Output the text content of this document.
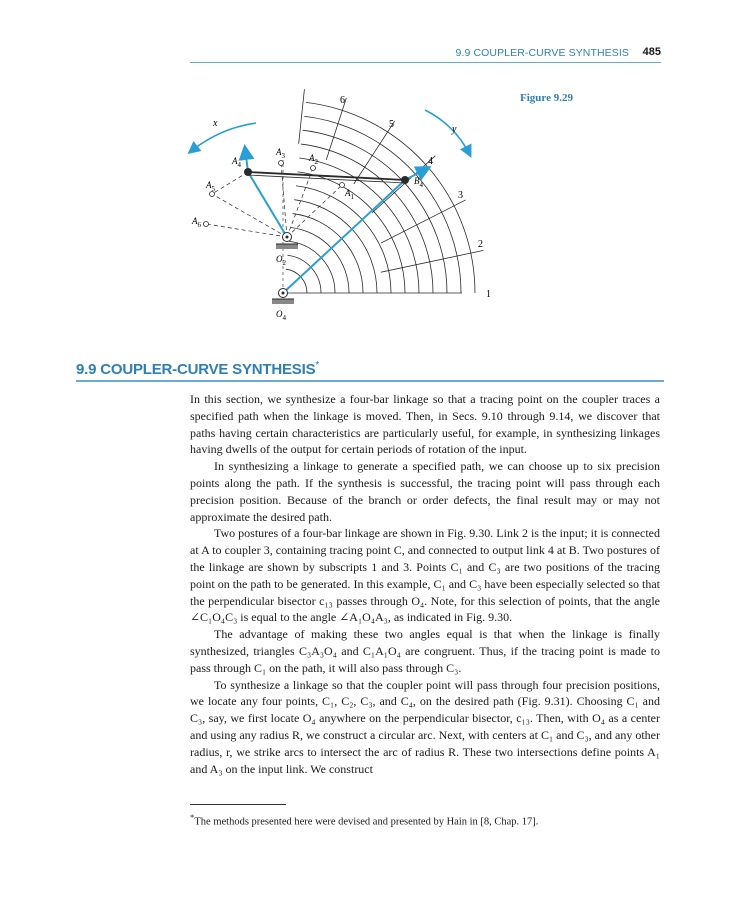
9.9 COUPLER-CURVE SYNTHESIS 485
Figure 9.29
1
2
3
4
5
6
x
y
$A_1$
$A_2$
$A_3$
$A_4$
$A_5$
$A_6$
$B_4$
$O_2$
$O_4$
9.9 COUPLER-CURVE SYNTHESIS*

In this section, we synthesize a four-bar linkage so that a tracing point on the coupler traces a specified path when the linkage is moved. Then, in Secs. 9.10 through 9.14, we discover that paths having certain characteristics are particularly useful, for example, in synthesizing linkages having dwells of the output for certain periods of rotation of the input.

In synthesizing a linkage to generate a specified path, we can choose up to six precision points along the path. If the synthesis is successful, the tracing point will pass through each precision position. Because of the branch or order defects, the final result may or may not approximate the desired path.

Two postures of a four-bar linkage are shown in Fig. 9.30. Link 2 is the input; it is connected at A to coupler 3, containing tracing point C, and connected to output link 4 at B. Two postures of the linkage are shown by subscripts 1 and 3. Points C₁ and C₃ are two positions of the tracing point on the path to be generated. In this example, C₁ and C₃ have been especially selected so that the perpendicular bisector c₁₃ passes through O₄. Note, for this selection of points, that the angle ∠C₁O₄C₃ is equal to the angle ∠A₁O₄A₃, as indicated in Fig. 9.30.

The advantage of making these two angles equal is that when the linkage is finally synthesized, triangles C₃A₃O₄ and C₁A₁O₄ are congruent. Thus, if the tracing point is made to pass through C₁ on the path, it will also pass through C₃.

To synthesize a linkage so that the coupler point will pass through four precision positions, we locate any four points, C₁, C₂, C₃, and C₄, on the desired path (Fig. 9.31). Choosing C₁ and C₃, say, we first locate O₄ anywhere on the perpendicular bisector, c₁₃. Then, with O₄ as a center and using any radius R, we construct a circular arc. Next, with centers at C₁ and C₃, and any other radius, r, we strike arcs to intersect the arc of radius R. These two intersections define points A₁ and A₃ on the input link. We construct

*The methods presented here were devised and presented by Hain in [8, Chap. 17].
